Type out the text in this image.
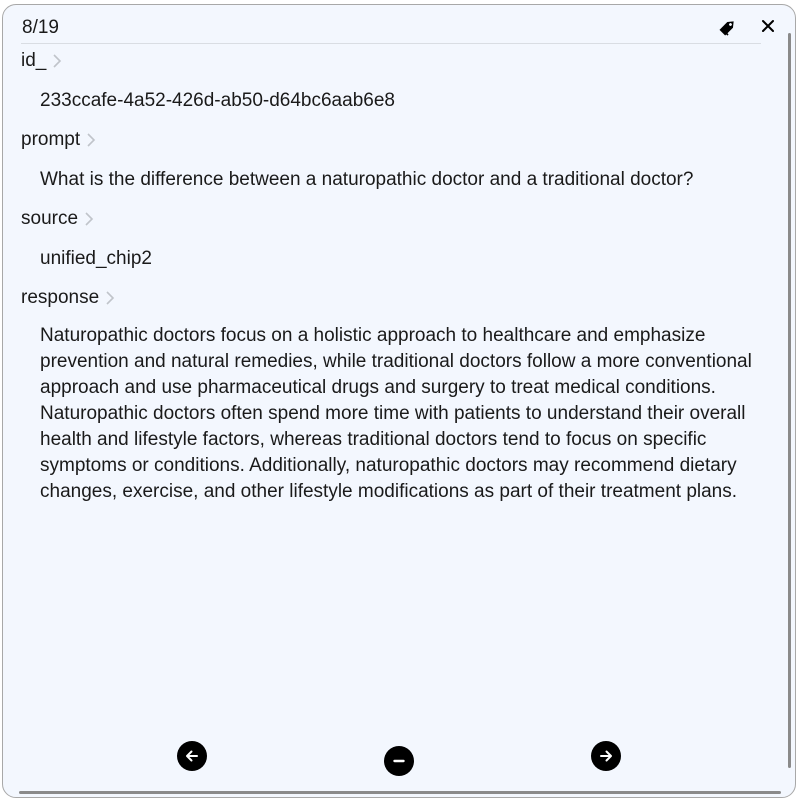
8/19
id_
233ccafe-4a52-426d-ab50-d64bc6aab6e8
prompt
What is the difference between a naturopathic doctor and a traditional doctor?
source
unified_chip2
response
Naturopathic doctors focus on a holistic approach to healthcare and emphasize prevention and natural remedies, while traditional doctors follow a more conventional approach and use pharmaceutical drugs and surgery to treat medical conditions. Naturopathic doctors often spend more time with patients to understand their overall health and lifestyle factors, whereas traditional doctors tend to focus on specific symptoms or conditions. Additionally, naturopathic doctors may recommend dietary changes, exercise, and other lifestyle modifications as part of their treatment plans.
